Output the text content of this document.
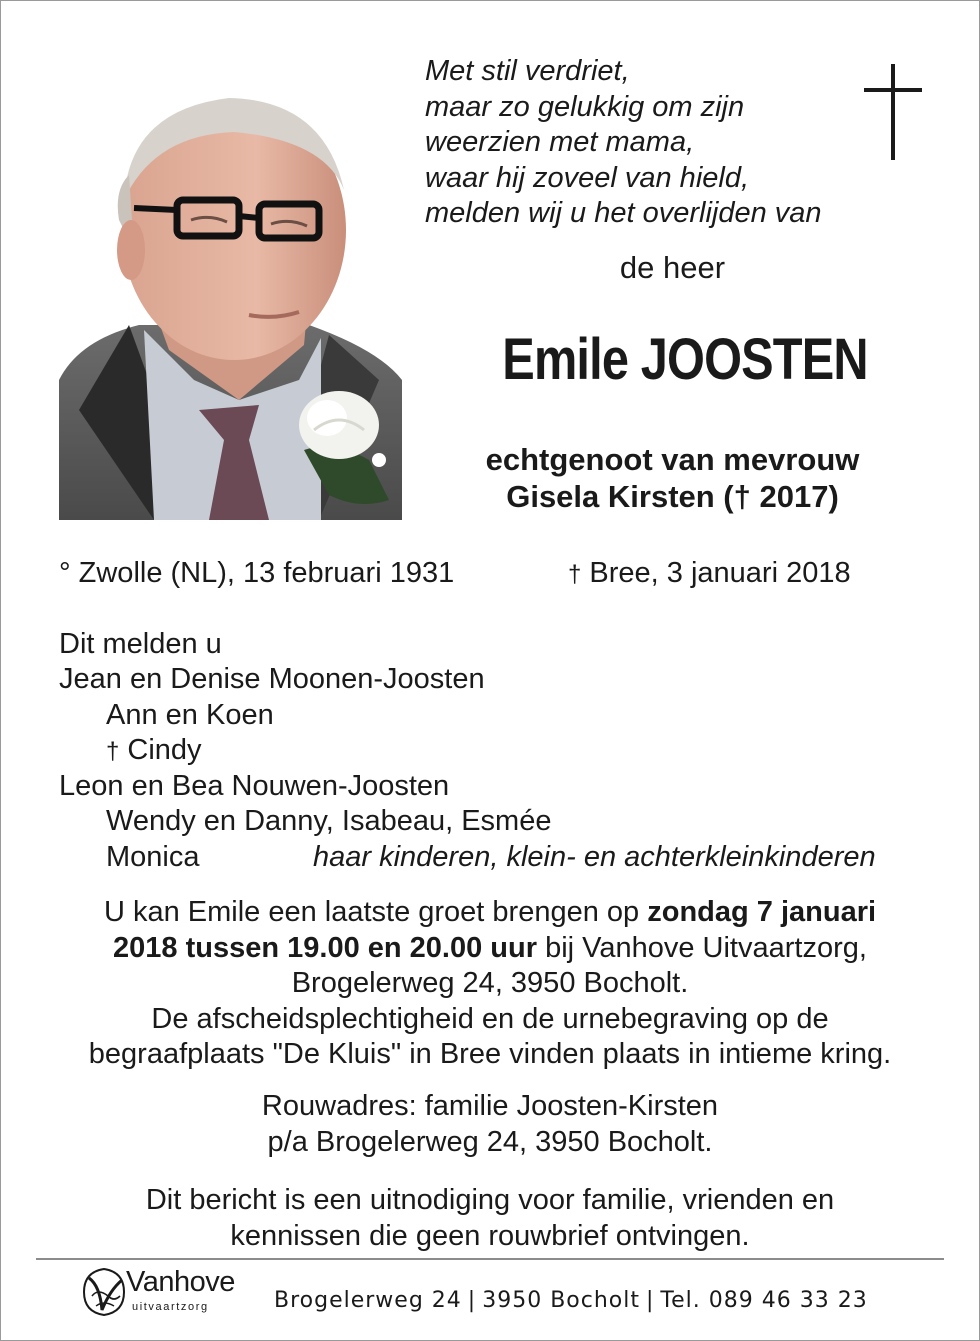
Met stil verdriet,
maar zo gelukkig om zijn
weerzien met mama,
waar hij zoveel van hield,
melden wij u het overlijden van
de heer
Emile JOOSTEN
echtgenoot van mevrouw
Gisela Kirsten († 2017)
° Zwolle (NL), 13 februari 1931	† Bree, 3 januari 2018
Dit melden u
Jean en Denise Moonen-Joosten
Ann en Koen
† Cindy
Leon en Bea Nouwen-Joosten
Wendy en Danny, Isabeau, Esmée
Monica	haar kinderen, klein- en achterkleinkinderen
U kan Emile een laatste groet brengen op zondag 7 januari
2018 tussen 19.00 en 20.00 uur bij Vanhove Uitvaartzorg,
Brogelerweg 24, 3950 Bocholt.
De afscheidsplechtigheid en de urnebegraving op de
begraafplaats "De Kluis" in Bree vinden plaats in intieme kring.
Rouwadres: familie Joosten-Kirsten
p/a Brogelerweg 24, 3950 Bocholt.
Dit bericht is een uitnodiging voor familie, vrienden en
kennissen die geen rouwbrief ontvingen.
Vanhove
uitvaartzorg	Brogelerweg 24 | 3950 Bocholt | Tel. 089 46 33 23
